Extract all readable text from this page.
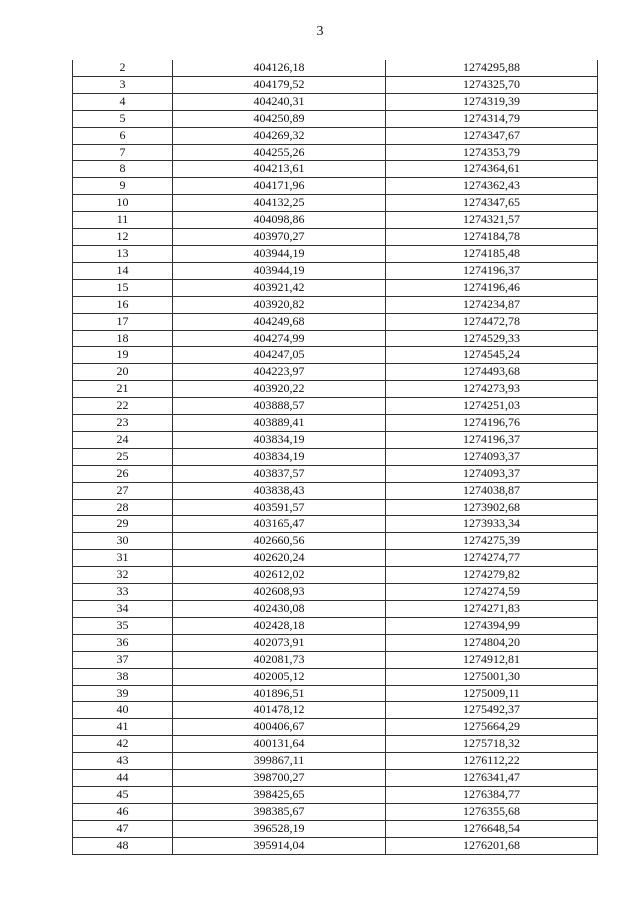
3
2	404126,18	1274295,88
3	404179,52	1274325,70
4	404240,31	1274319,39
5	404250,89	1274314,79
6	404269,32	1274347,67
7	404255,26	1274353,79
8	404213,61	1274364,61
9	404171,96	1274362,43
10	404132,25	1274347,65
11	404098,86	1274321,57
12	403970,27	1274184,78
13	403944,19	1274185,48
14	403944,19	1274196,37
15	403921,42	1274196,46
16	403920,82	1274234,87
17	404249,68	1274472,78
18	404274,99	1274529,33
19	404247,05	1274545,24
20	404223,97	1274493,68
21	403920,22	1274273,93
22	403888,57	1274251,03
23	403889,41	1274196,76
24	403834,19	1274196,37
25	403834,19	1274093,37
26	403837,57	1274093,37
27	403838,43	1274038,87
28	403591,57	1273902,68
29	403165,47	1273933,34
30	402660,56	1274275,39
31	402620,24	1274274,77
32	402612,02	1274279,82
33	402608,93	1274274,59
34	402430,08	1274271,83
35	402428,18	1274394,99
36	402073,91	1274804,20
37	402081,73	1274912,81
38	402005,12	1275001,30
39	401896,51	1275009,11
40	401478,12	1275492,37
41	400406,67	1275664,29
42	400131,64	1275718,32
43	399867,11	1276112,22
44	398700,27	1276341,47
45	398425,65	1276384,77
46	398385,67	1276355,68
47	396528,19	1276648,54
48	395914,04	1276201,68
